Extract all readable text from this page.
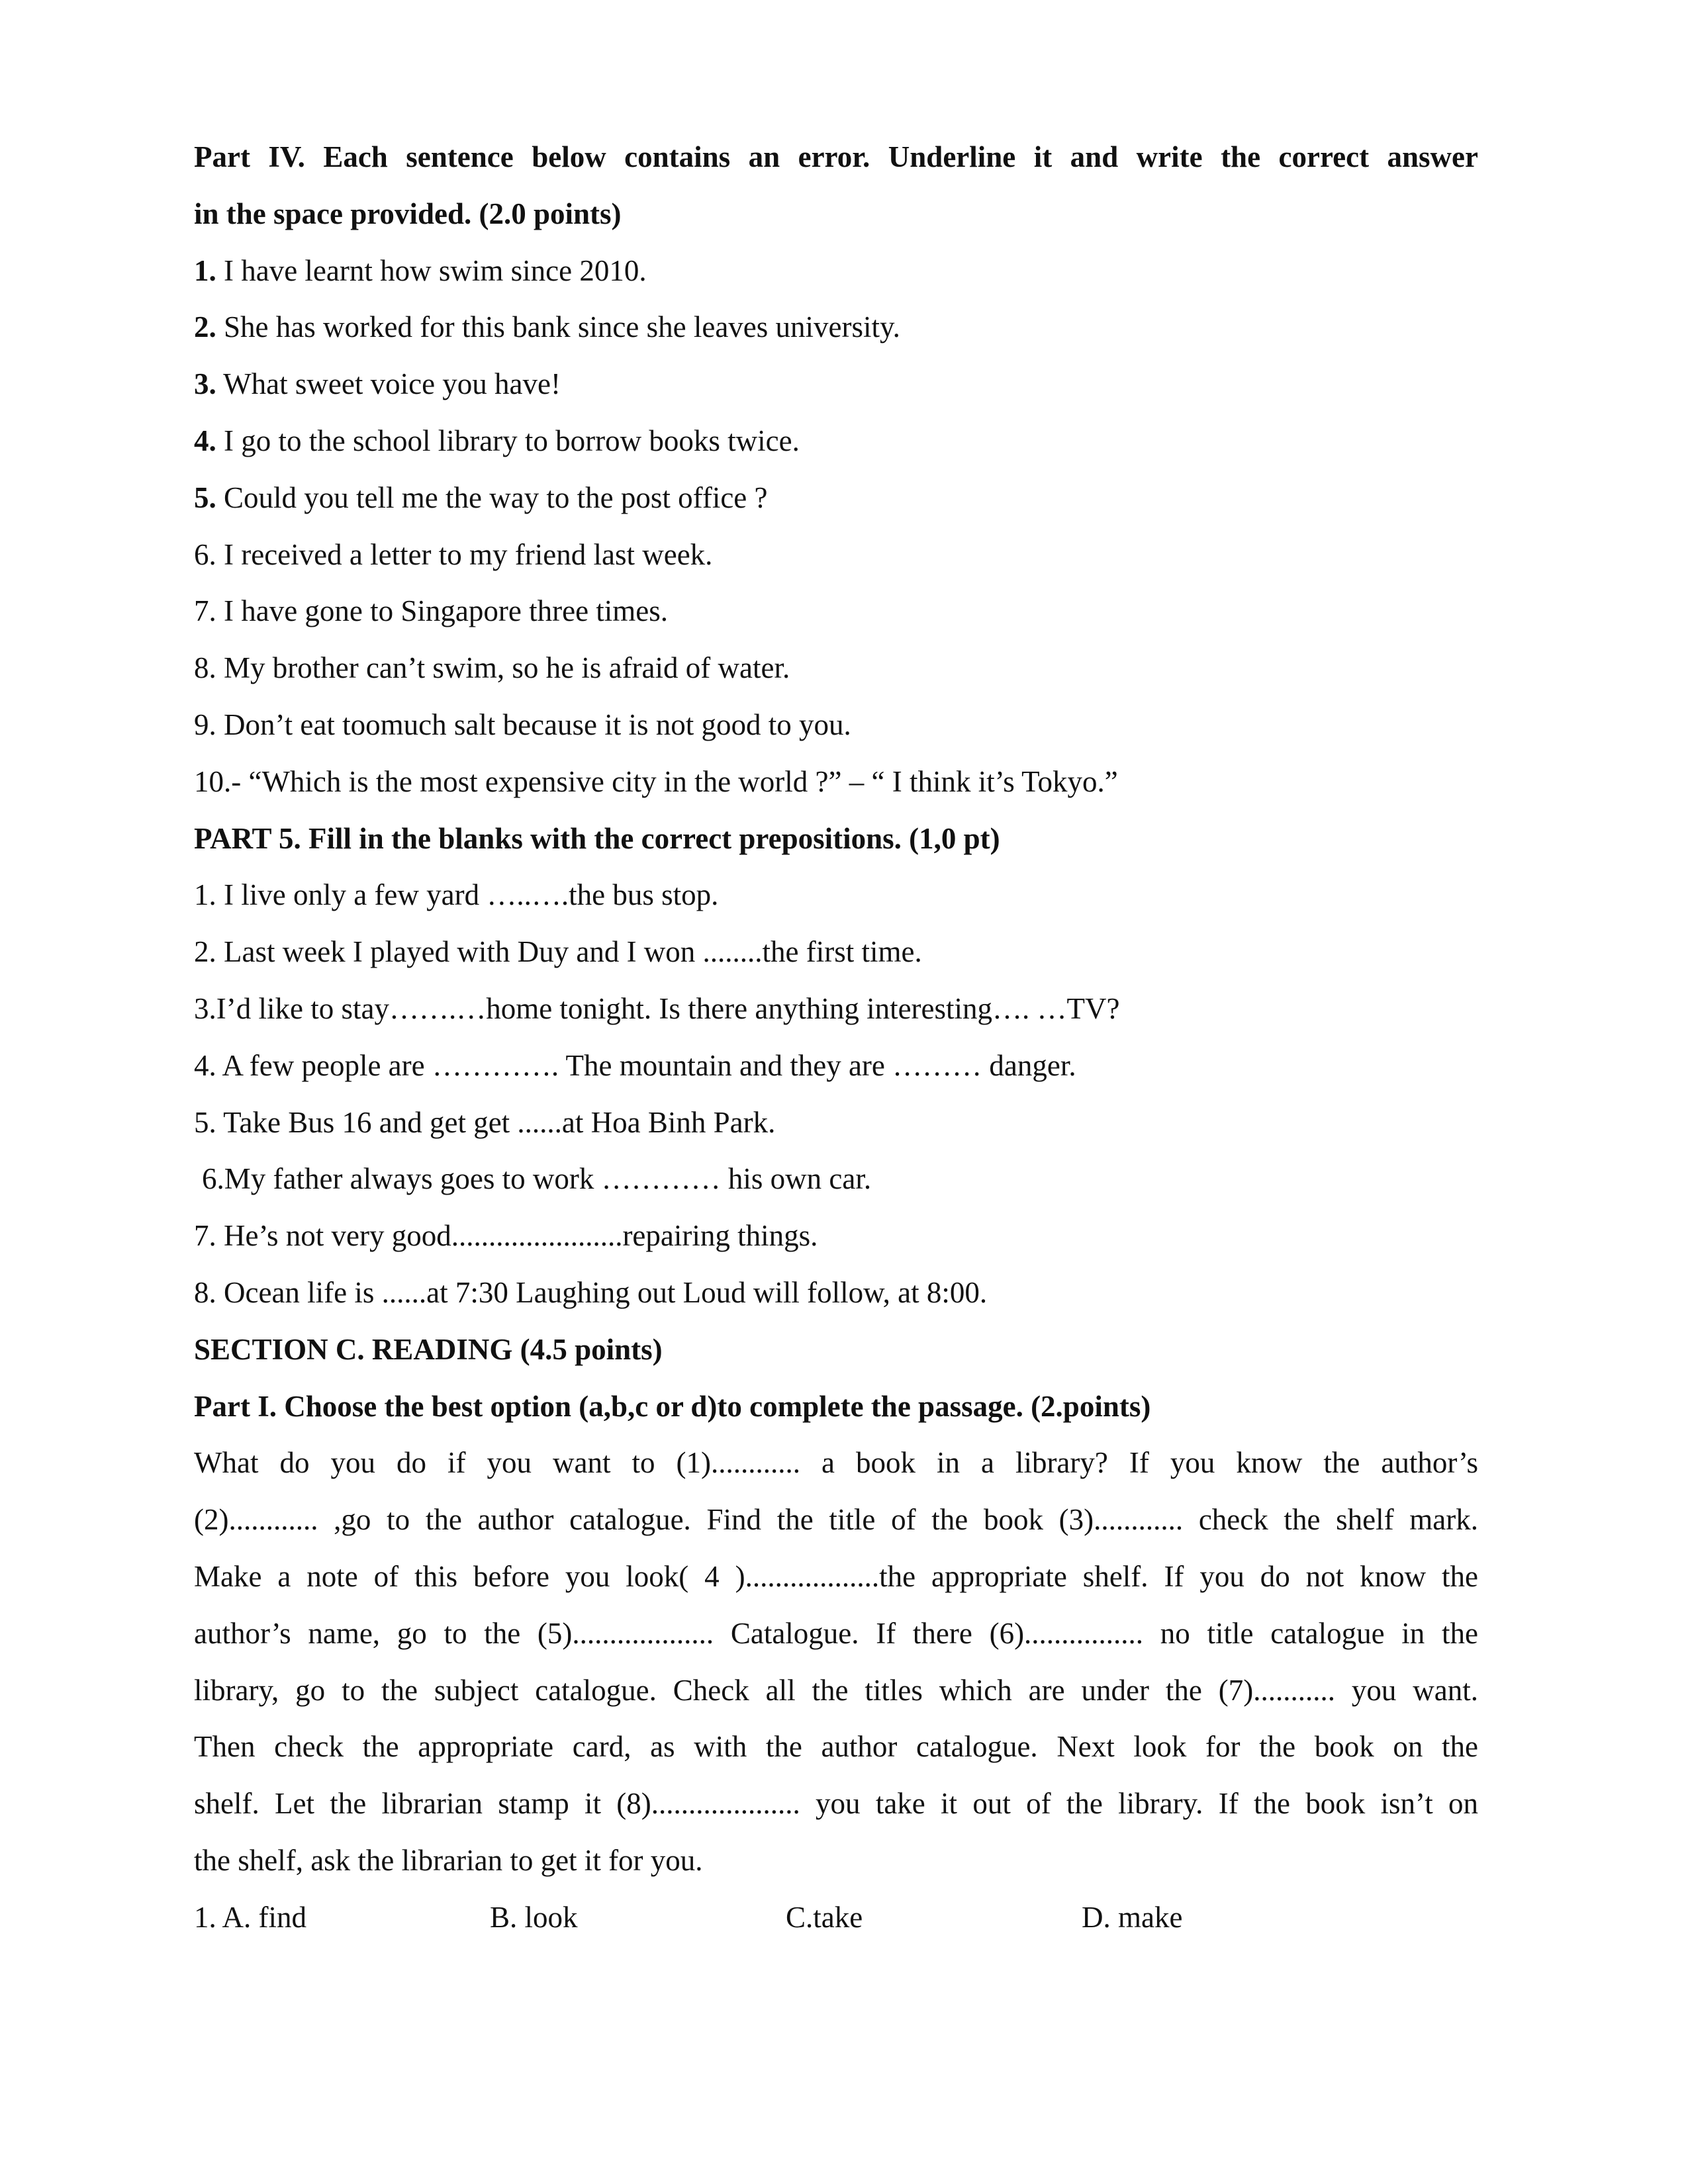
Part IV. Each sentence below contains an error. Underline it and write the correct answer
in the space provided. (2.0 points)
1. I have learnt how swim since 2010.
2. She has worked for this bank since she leaves university.
3. What sweet voice you have!
4. I go to the school library to borrow books twice.
5. Could you tell me the way to the post office ?
6. I received a letter to my friend last week.
7. I have gone to Singapore three times.
8. My brother can’t swim, so he is afraid of water.
9. Don’t eat toomuch salt because it is not good to you.
10.- “Which is the most expensive city in the world ?” – “ I think it’s Tokyo.”
PART 5. Fill in the blanks with the correct prepositions. (1,0 pt)
1. I live only a few yard …..….the bus stop.
2. Last week I played with Duy and I won ........the first time.
3.I’d like to stay…….…home tonight. Is there anything interesting…. …TV?
4. A few people are …………. The mountain and they are ……… danger.
5. Take Bus 16 and get get ......at Hoa Binh Park.
6.My father always goes to work ………… his own car.
7. He’s not very good.......................repairing things.
8. Ocean life is ......at 7:30 Laughing out Loud will follow, at 8:00.
SECTION C. READING (4.5 points)
Part I. Choose the best option (a,b,c or d)to complete the passage. (2.points)
What do you do if you want to (1)............ a book in a library? If you know the author’s
(2)............ ,go to the author catalogue. Find the title of the book (3)............ check the shelf mark.
Make a note of this before you look( 4 )..................the appropriate shelf. If you do not know the
author’s name, go to the (5)................... Catalogue. If there (6)................ no title catalogue in the
library, go to the subject catalogue. Check all the titles which are under the (7)........... you want.
Then check the appropriate card, as with the author catalogue. Next look for the book on the
shelf. Let the librarian stamp it (8).................... you take it out of the library. If the book isn’t on
the shelf, ask the librarian to get it for you.
1. A. find	B. look	C.take	D. make
